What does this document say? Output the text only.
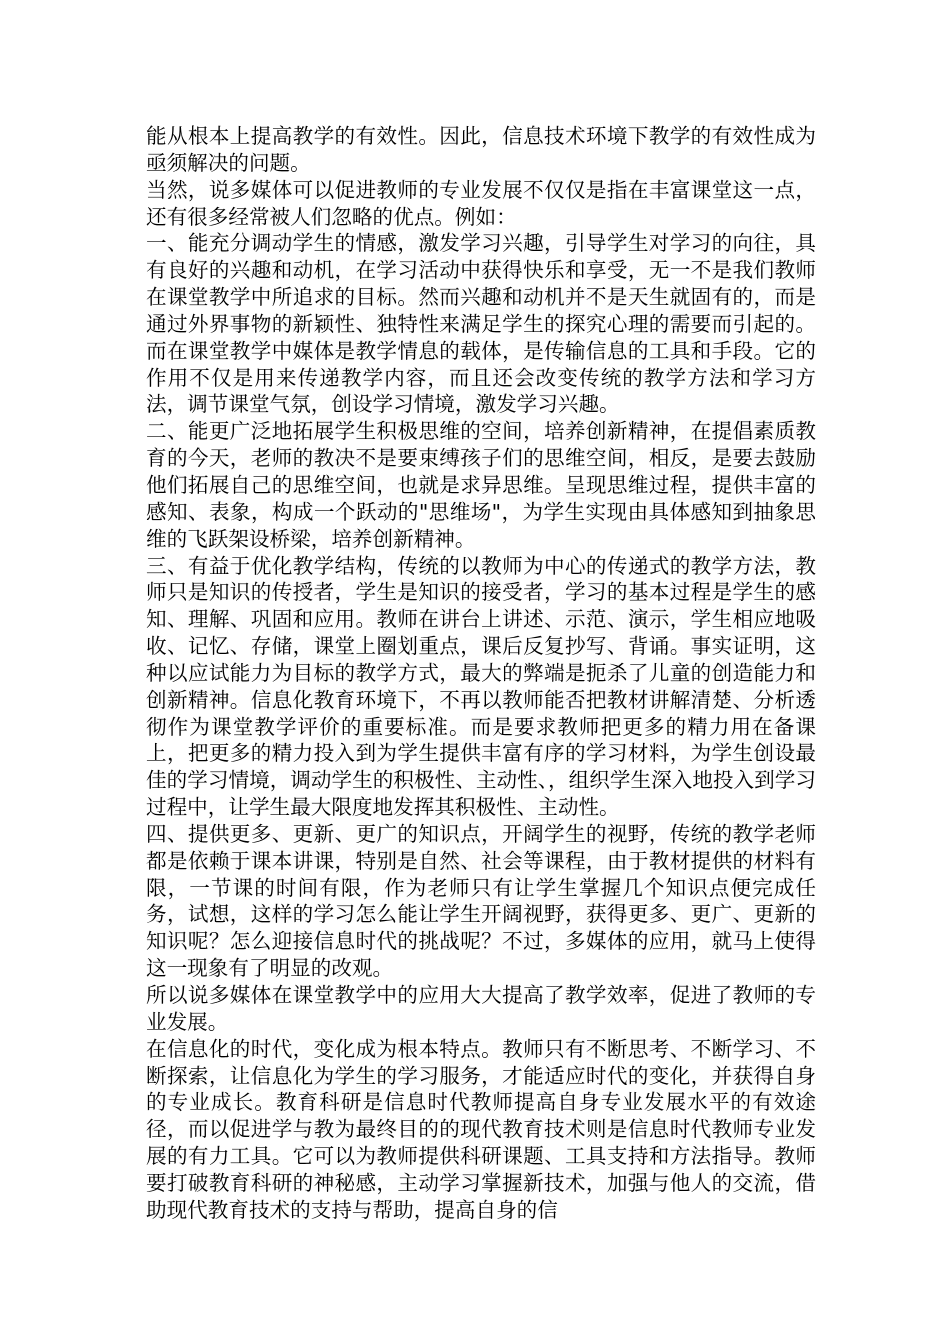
能从根本上提高教学的有效性。因此，信息技术环境下教学的有效性成为亟须解决的问题。

当然，说多媒体可以促进教师的专业发展不仅仅是指在丰富课堂这一点，还有很多经常被人们忽略的优点。例如：

一、能充分调动学生的情感，激发学习兴趣，引导学生对学习的向往，具有良好的兴趣和动机，在学习活动中获得快乐和享受，无一不是我们教师在课堂教学中所追求的目标。然而兴趣和动机并不是天生就固有的，而是通过外界事物的新颖性、独特性来满足学生的探究心理的需要而引起的。而在课堂教学中媒体是教学情息的载体，是传输信息的工具和手段。它的作用不仅是用来传递教学内容，而且还会改变传统的教学方法和学习方法，调节课堂气氛，创设学习情境，激发学习兴趣。

二、能更广泛地拓展学生积极思维的空间，培养创新精神，在提倡素质教育的今天，老师的教决不是要束缚孩子们的思维空间，相反，是要去鼓励他们拓展自己的思维空间，也就是求异思维。呈现思维过程，提供丰富的感知、表象，构成一个跃动的"思维场"，为学生实现由具体感知到抽象思维的飞跃架设桥梁，培养创新精神。

三、有益于优化教学结构，传统的以教师为中心的传递式的教学方法，教师只是知识的传授者，学生是知识的接受者，学习的基本过程是学生的感知、理解、巩固和应用。教师在讲台上讲述、示范、演示，学生相应地吸收、记忆、存储，课堂上圈划重点，课后反复抄写、背诵。事实证明，这种以应试能力为目标的教学方式，最大的弊端是扼杀了儿童的创造能力和创新精神。信息化教育环境下，不再以教师能否把教材讲解清楚、分析透彻作为课堂教学评价的重要标准。而是要求教师把更多的精力用在备课上，把更多的精力投入到为学生提供丰富有序的学习材料，为学生创设最佳的学习情境，调动学生的积极性、主动性、，组织学生深入地投入到学习过程中，让学生最大限度地发挥其积极性、主动性。

四、提供更多、更新、更广的知识点，开阔学生的视野，传统的教学老师都是依赖于课本讲课，特别是自然、社会等课程，由于教材提供的材料有限，一节课的时间有限，作为老师只有让学生掌握几个知识点便完成任务，试想，这样的学习怎么能让学生开阔视野，获得更多、更广、更新的知识呢？怎么迎接信息时代的挑战呢？不过，多媒体的应用，就马上使得这一现象有了明显的改观。

所以说多媒体在课堂教学中的应用大大提高了教学效率，促进了教师的专业发展。

在信息化的时代，变化成为根本特点。教师只有不断思考、不断学习、不断探索，让信息化为学生的学习服务，才能适应时代的变化，并获得自身的专业成长。教育科研是信息时代教师提高自身专业发展水平的有效途径，而以促进学与教为最终目的的现代教育技术则是信息时代教师专业发展的有力工具。它可以为教师提供科研课题、工具支持和方法指导。教师要打破教育科研的神秘感，主动学习掌握新技术，加强与他人的交流，借助现代教育技术的支持与帮助，提高自身的信
